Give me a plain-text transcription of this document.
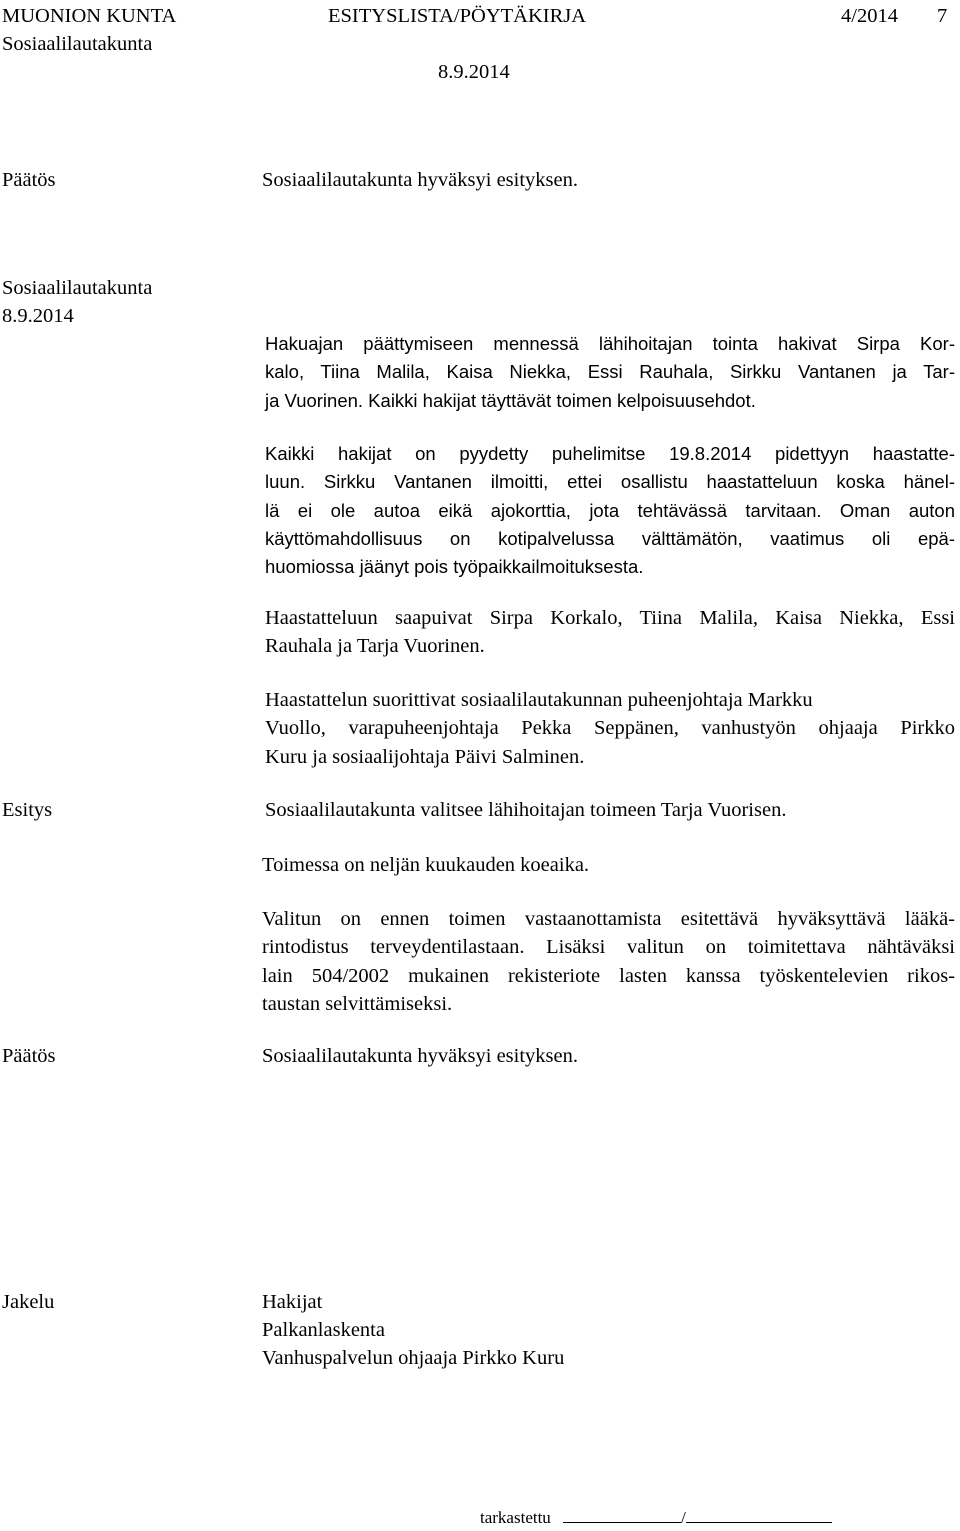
MUONION KUNTA	ESITYSLISTA/PÖYTÄKIRJA	4/2014 7
Sosiaalilautakunta
8.9.2014
Päätös	Sosiaalilautakunta hyväksyi esityksen.
Sosiaalilautakunta
8.9.2014
Hakuajan päättymiseen mennessä lähihoitajan tointa hakivat Sirpa Kor-
kalo, Tiina Malila, Kaisa Niekka, Essi Rauhala, Sirkku Vantanen ja Tar-
ja Vuorinen. Kaikki hakijat täyttävät toimen kelpoisuusehdot.
Kaikki hakijat on pyydetty puhelimitse 19.8.2014 pidettyyn haastatte-
luun. Sirkku Vantanen ilmoitti, ettei osallistu haastatteluun koska hänel-
lä ei ole autoa eikä ajokorttia, jota tehtävässä tarvitaan. Oman auton
käyttömahdollisuus on kotipalvelussa välttämätön, vaatimus oli epä-
huomiossa jäänyt pois työpaikkailmoituksesta.
Haastatteluun saapuivat Sirpa Korkalo, Tiina Malila, Kaisa Niekka, Essi
Rauhala ja Tarja Vuorinen.
Haastattelun suorittivat sosiaalilautakunnan puheenjohtaja Markku
Vuollo, varapuheenjohtaja Pekka Seppänen, vanhustyön ohjaaja Pirkko
Kuru ja sosiaalijohtaja Päivi Salminen.
Esitys	Sosiaalilautakunta valitsee lähihoitajan toimeen Tarja Vuorisen.
Toimessa on neljän kuukauden koeaika.
Valitun on ennen toimen vastaanottamista esitettävä hyväksyttävä lääkä-
rintodistus terveydentilastaan. Lisäksi valitun on toimitettava nähtäväksi
lain 504/2002 mukainen rekisteriote lasten kanssa työskentelevien rikos-
taustan selvittämiseksi.
Päätös	Sosiaalilautakunta hyväksyi esityksen.
Jakelu	Hakijat
Palkanlaskenta
Vanhuspalvelun ohjaaja Pirkko Kuru
tarkastettu	/
